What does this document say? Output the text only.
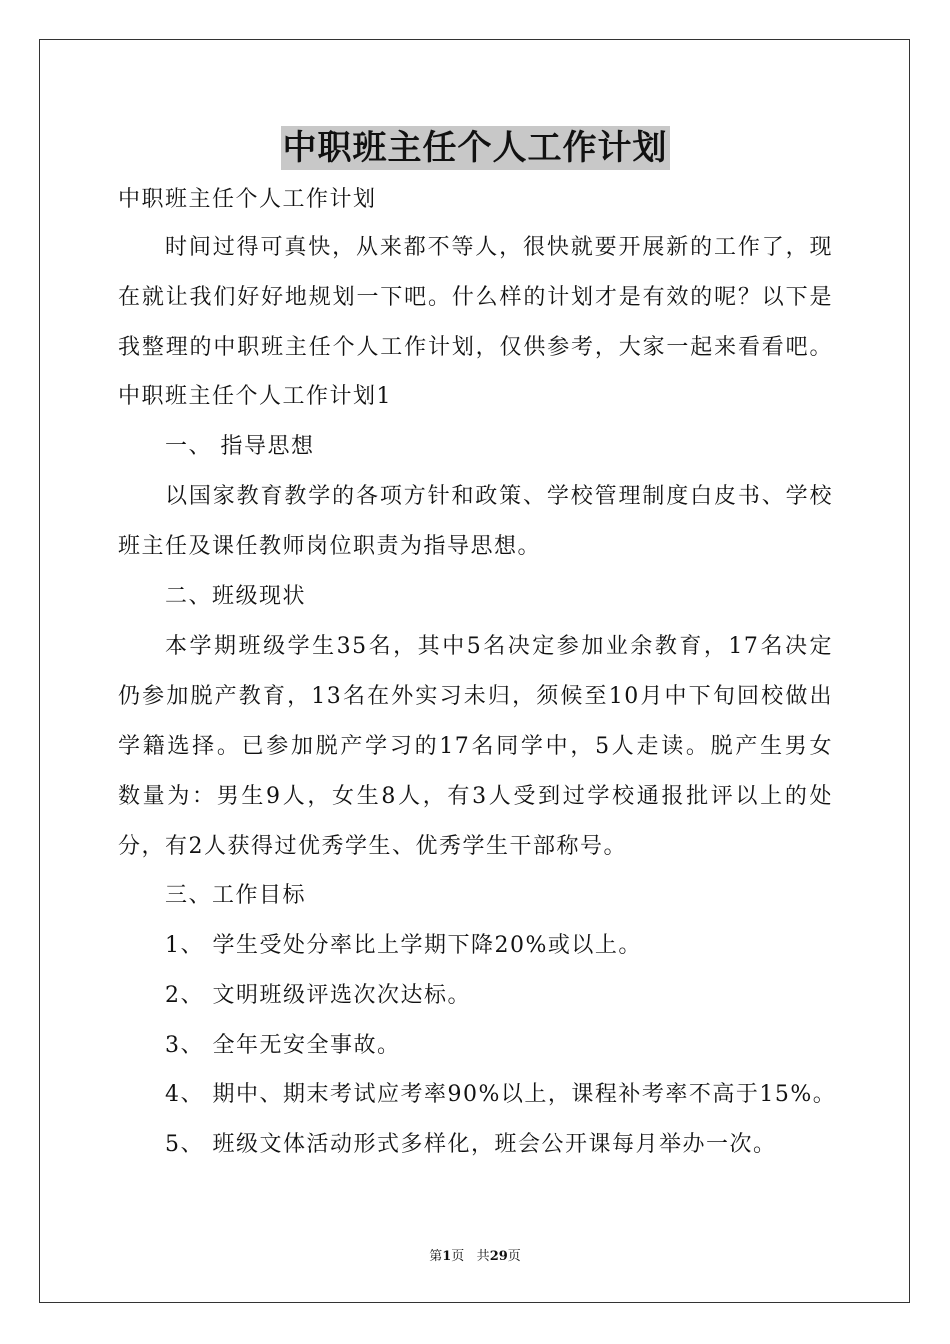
中职班主任个人工作计划
中职班主任个人工作计划
时间过得可真快，从来都不等人，很快就要开展新的工作了，现
在就让我们好好地规划一下吧。什么样的计划才是有效的呢？以下是
我整理的中职班主任个人工作计划，仅供参考，大家一起来看看吧。
中职班主任个人工作计划1
一、 指导思想
以国家教育教学的各项方针和政策、学校管理制度白皮书、学校
班主任及课任教师岗位职责为指导思想。
二、班级现状
本学期班级学生35名，其中5名决定参加业余教育，17名决定
仍参加脱产教育，13名在外实习未归，须候至10月中下旬回校做出
学籍选择。已参加脱产学习的17名同学中，5人走读。脱产生男女
数量为：男生9人，女生8人，有3人受到过学校通报批评以上的处
分，有2人获得过优秀学生、优秀学生干部称号。
三、工作目标
1、 学生受处分率比上学期下降20%或以上。
2、 文明班级评选次次达标。
3、 全年无安全事故。
4、 期中、期末考试应考率90%以上，课程补考率不高于15%。
5、 班级文体活动形式多样化，班会公开课每月举办一次。
第1页 共29页
